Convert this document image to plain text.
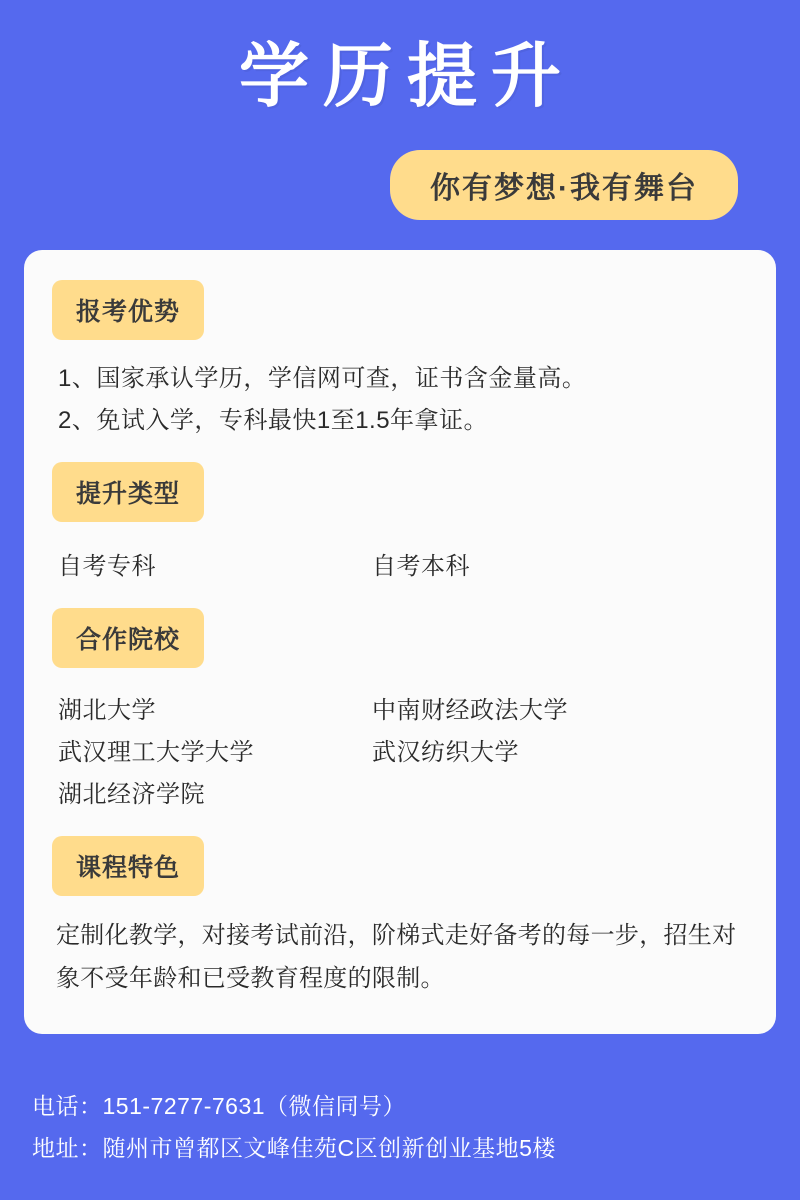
学历提升
你有梦想·我有舞台
报考优势
1、国家承认学历，学信网可查，证书含金量高。
2、免试入学，专科最快1至1.5年拿证。
提升类型
自考专科	自考本科
合作院校
湖北大学	中南财经政法大学
武汉理工大学大学	武汉纺织大学
湖北经济学院
课程特色
定制化教学，对接考试前沿，阶梯式走好备考的每一步，招生对象不受年龄和已受教育程度的限制。
电话：151-7277-7631（微信同号）
地址：随州市曾都区文峰佳苑C区创新创业基地5楼
